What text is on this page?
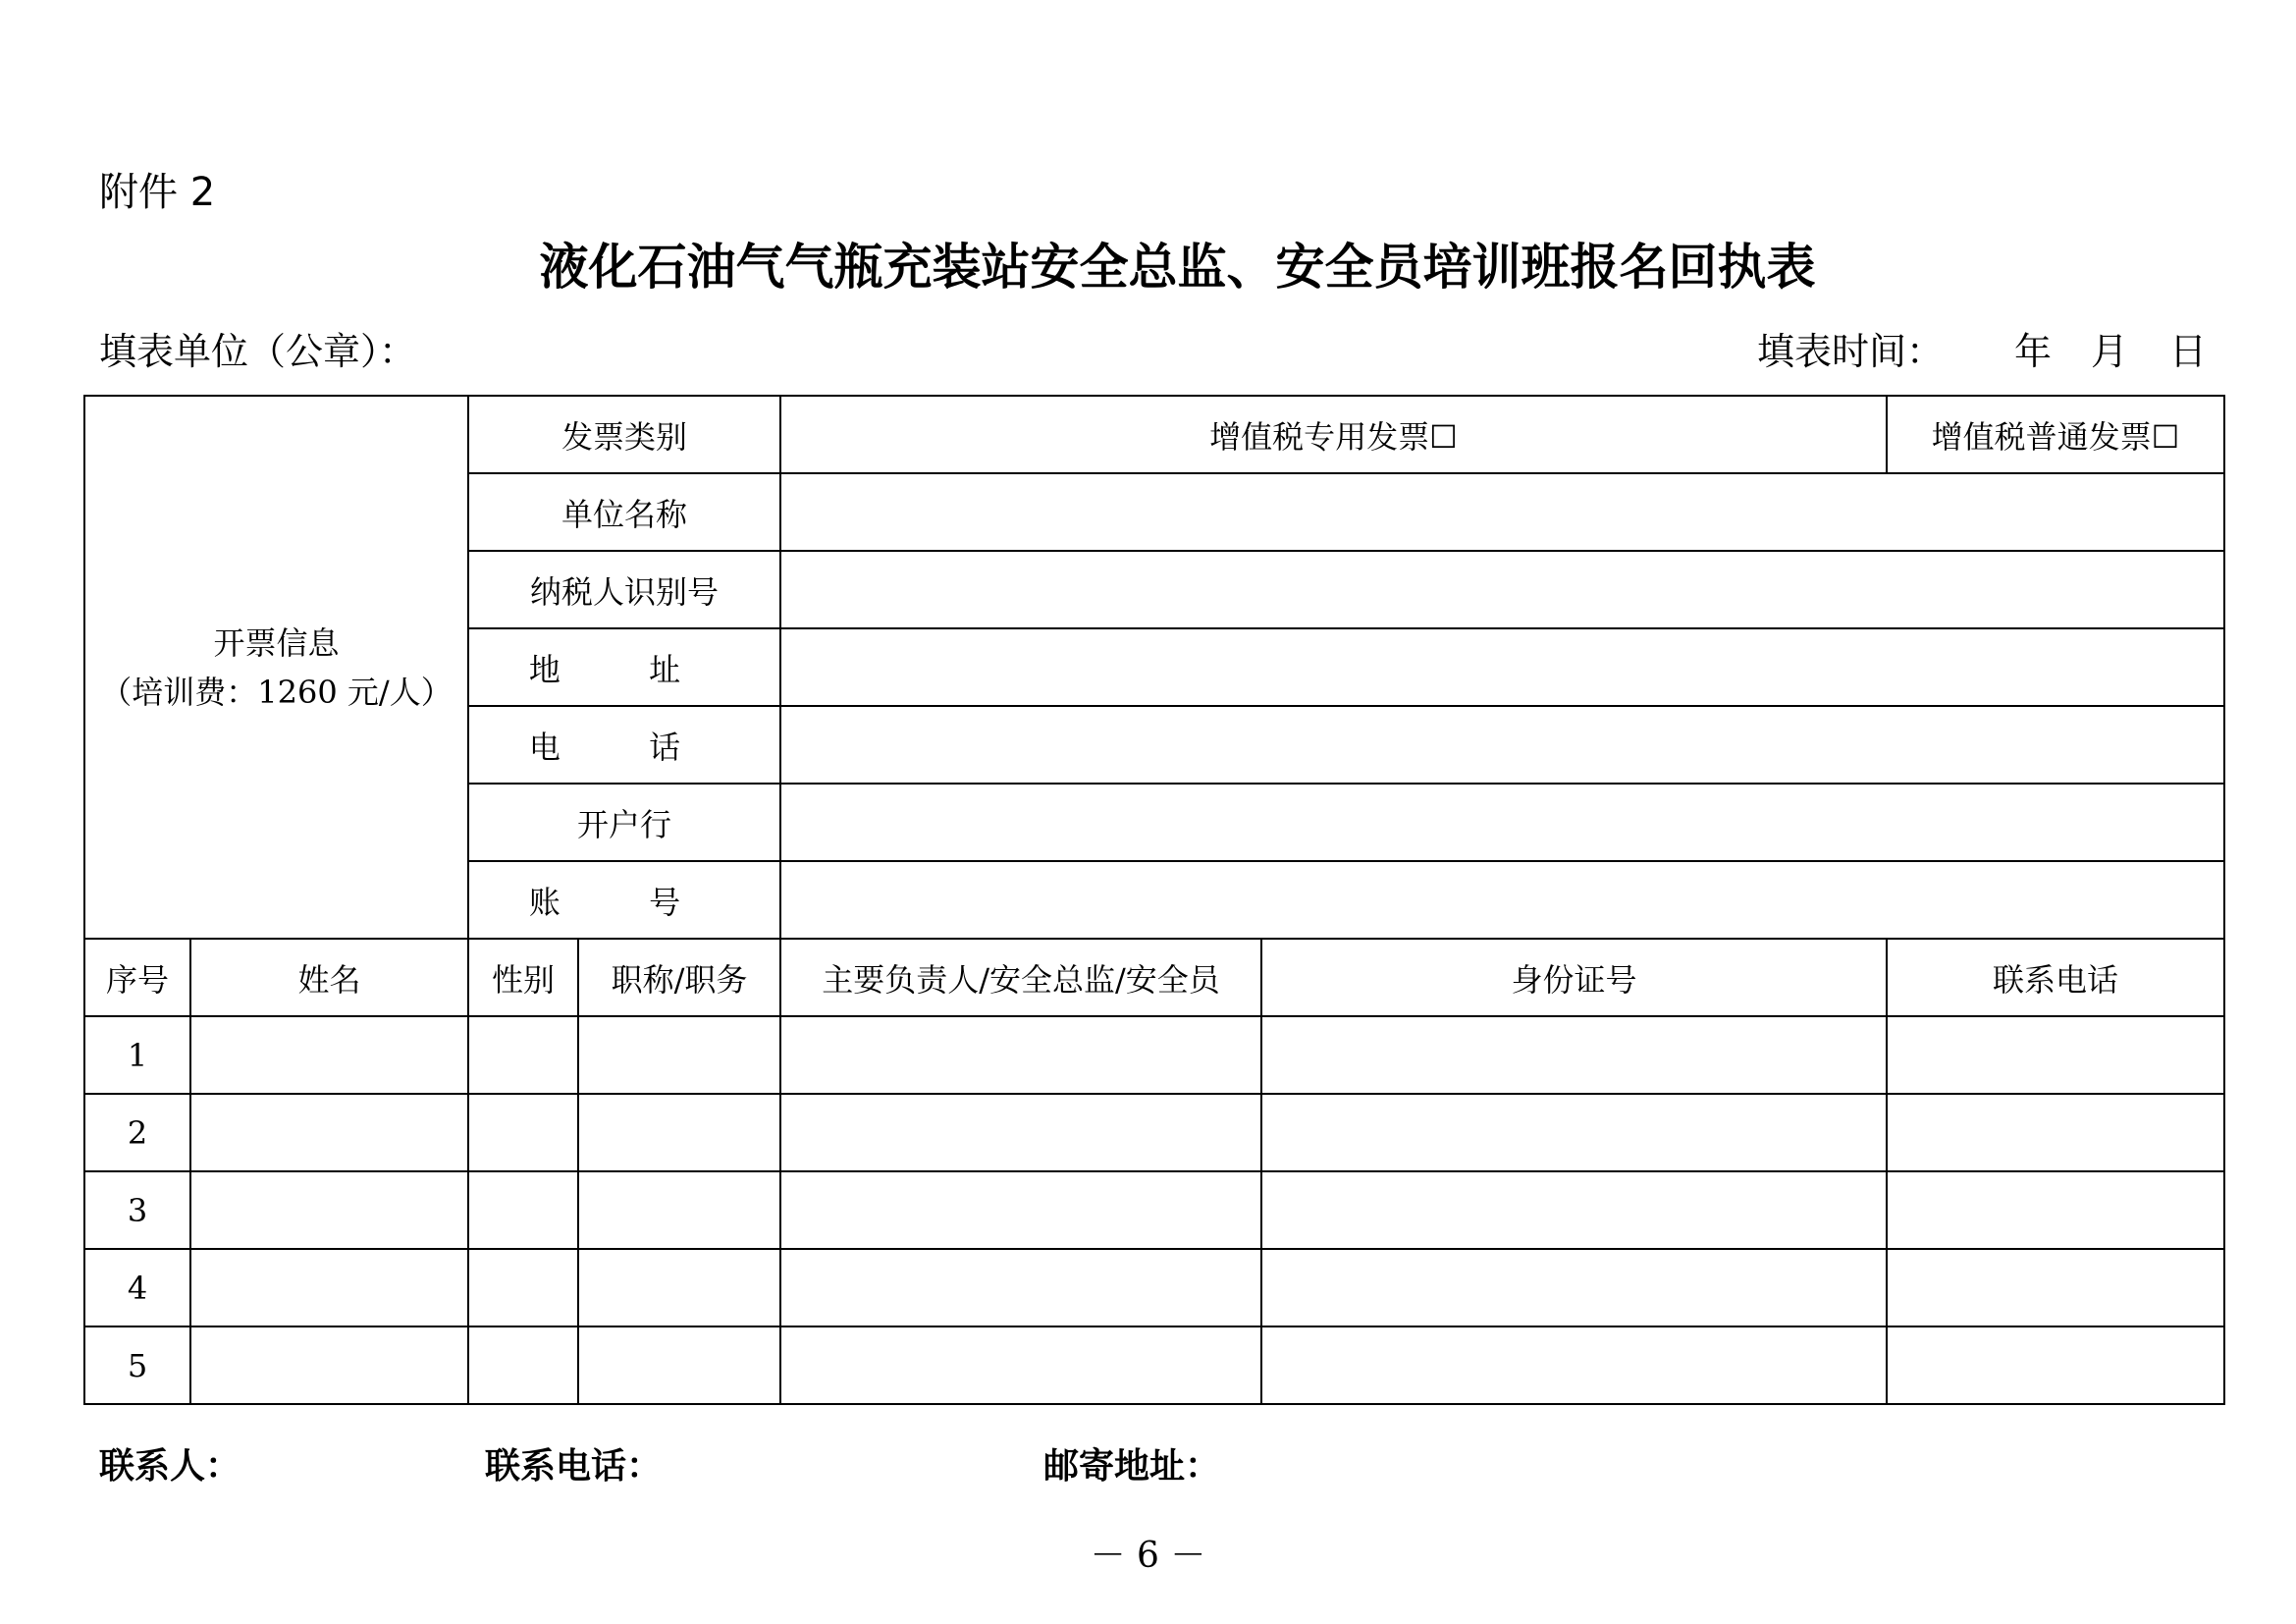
附件 2
液化石油气气瓶充装站安全总监、安全员培训班报名回执表
填表单位（公章）：	填表时间： 年 月 日
开票信息
（培训费：1260 元/人）		发票类别		增值税专用发票☐		增值税普通发票☐
		单位名称				
		纳税人识别号				
		地 址				
		电 话				
		开户行				
		账 号				
序号	姓名	性别	职称/职务	主要负责人/安全总监/安全员	身份证号	联系电话
1						
2						
3						
4						
5						
联系人：	联系电话：	邮寄地址：
－ 6 －
